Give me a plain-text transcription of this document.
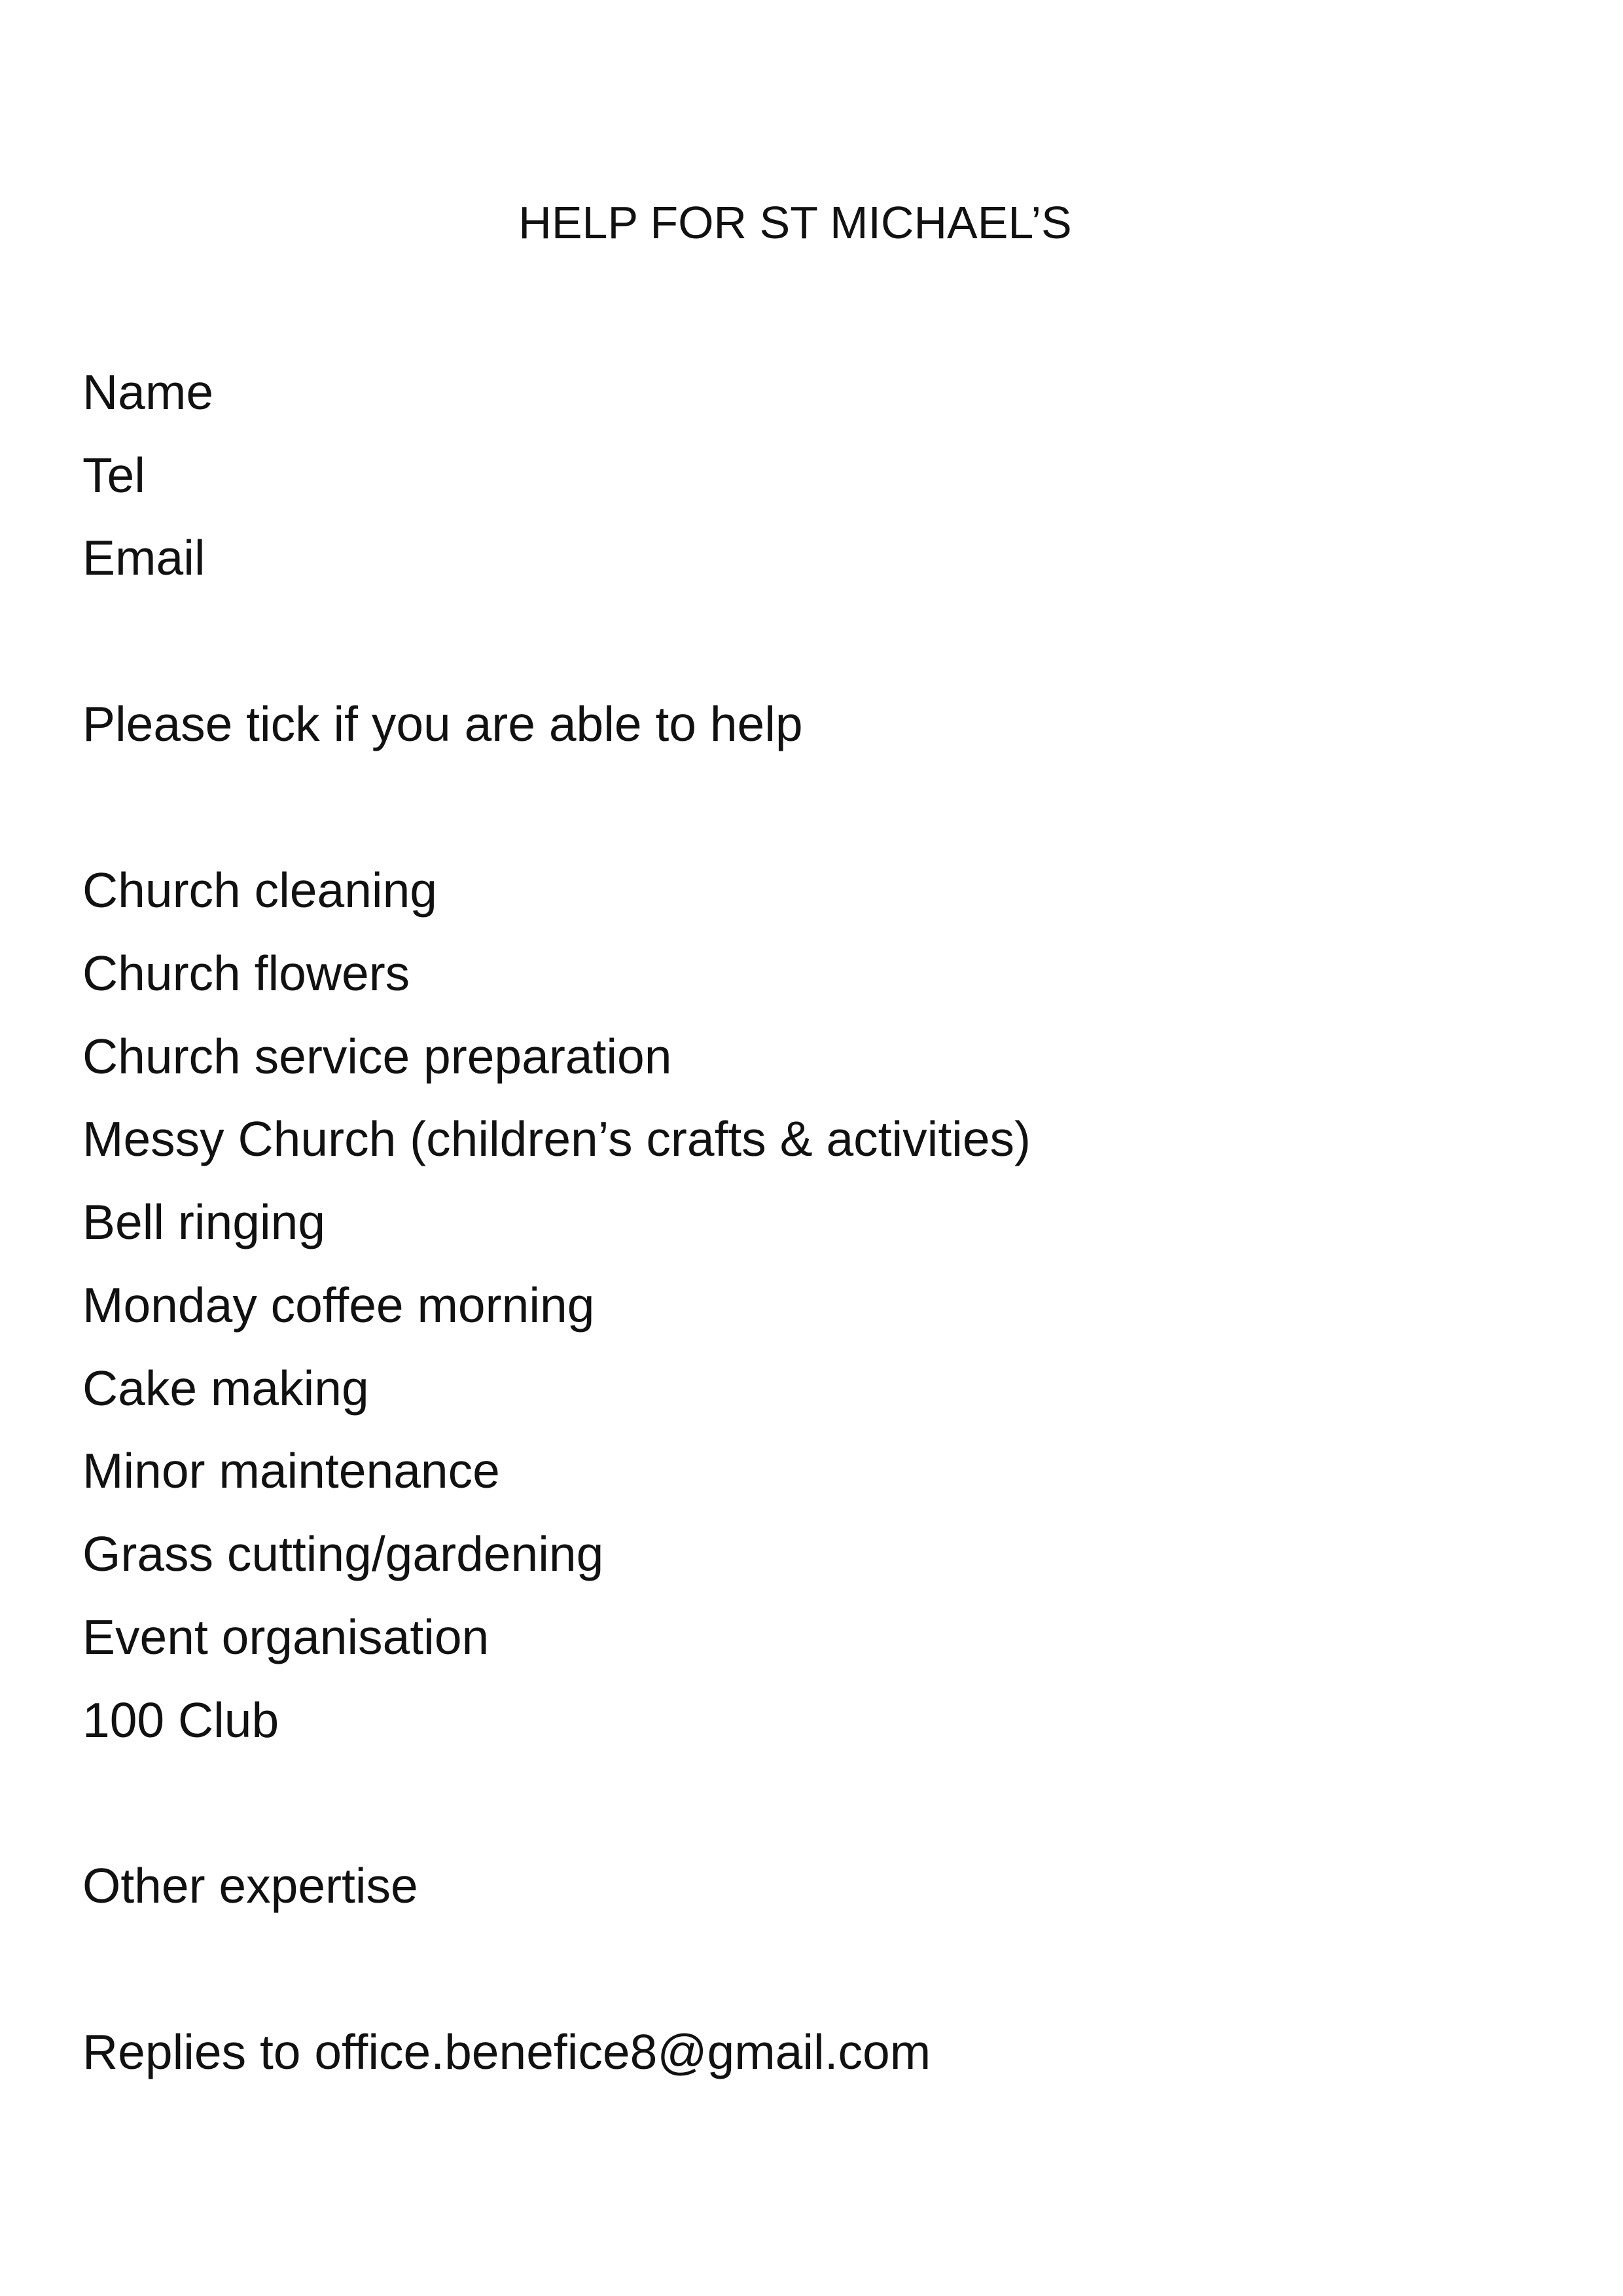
HELP FOR ST MICHAEL’S

Name

Tel

Email

Please tick if you are able to help

Church cleaning

Church flowers

Church service preparation

Messy Church (children’s crafts & activities)

Bell ringing

Monday coffee morning

Cake making

Minor maintenance

Grass cutting/gardening

Event organisation

100 Club

Other expertise

Replies to office.benefice8@gmail.com
